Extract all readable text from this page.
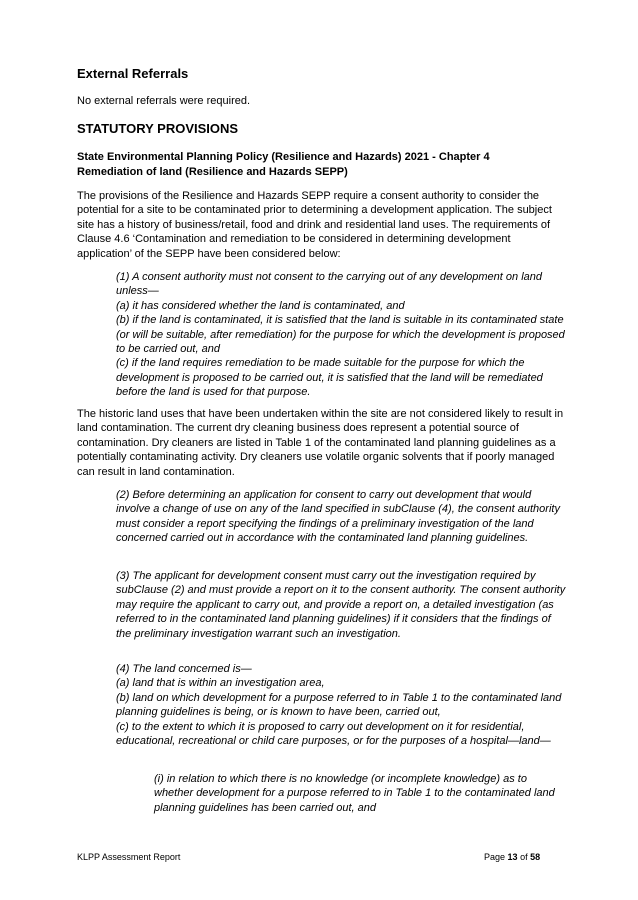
External Referrals

No external referrals were required.

STATUTORY PROVISIONS
State Environmental Planning Policy (Resilience and Hazards) 2021 - Chapter 4 Remediation of land (Resilience and Hazards SEPP)

The provisions of the Resilience and Hazards SEPP require a consent authority to consider the potential for a site to be contaminated prior to determining a development application. The subject site has a history of business/retail, food and drink and residential land uses. The requirements of Clause 4.6 ‘Contamination and remediation to be considered in determining development application’ of the SEPP have been considered below:

(1) A consent authority must not consent to the carrying out of any development on land unless—
(a) it has considered whether the land is contaminated, and
(b) if the land is contaminated, it is satisfied that the land is suitable in its contaminated state (or will be suitable, after remediation) for the purpose for which the development is proposed to be carried out, and
(c) if the land requires remediation to be made suitable for the purpose for which the development is proposed to be carried out, it is satisfied that the land will be remediated before the land is used for that purpose.

The historic land uses that have been undertaken within the site are not considered likely to result in land contamination. The current dry cleaning business does represent a potential source of contamination. Dry cleaners are listed in Table 1 of the contaminated land planning guidelines as a potentially contaminating activity. Dry cleaners use volatile organic solvents that if poorly managed can result in land contamination.

(2) Before determining an application for consent to carry out development that would involve a change of use on any of the land specified in subClause (4), the consent authority must consider a report specifying the findings of a preliminary investigation of the land concerned carried out in accordance with the contaminated land planning guidelines.

(3) The applicant for development consent must carry out the investigation required by subClause (2) and must provide a report on it to the consent authority. The consent authority may require the applicant to carry out, and provide a report on, a detailed investigation (as referred to in the contaminated land planning guidelines) if it considers that the findings of the preliminary investigation warrant such an investigation.

(4) The land concerned is—
(a) land that is within an investigation area,
(b) land on which development for a purpose referred to in Table 1 to the contaminated land planning guidelines is being, or is known to have been, carried out,
(c) to the extent to which it is proposed to carry out development on it for residential, educational, recreational or child care purposes, or for the purposes of a hospital—land—

(i) in relation to which there is no knowledge (or incomplete knowledge) as to whether development for a purpose referred to in Table 1 to the contaminated land planning guidelines has been carried out, and

KLPP Assessment Report	Page 13 of 58
